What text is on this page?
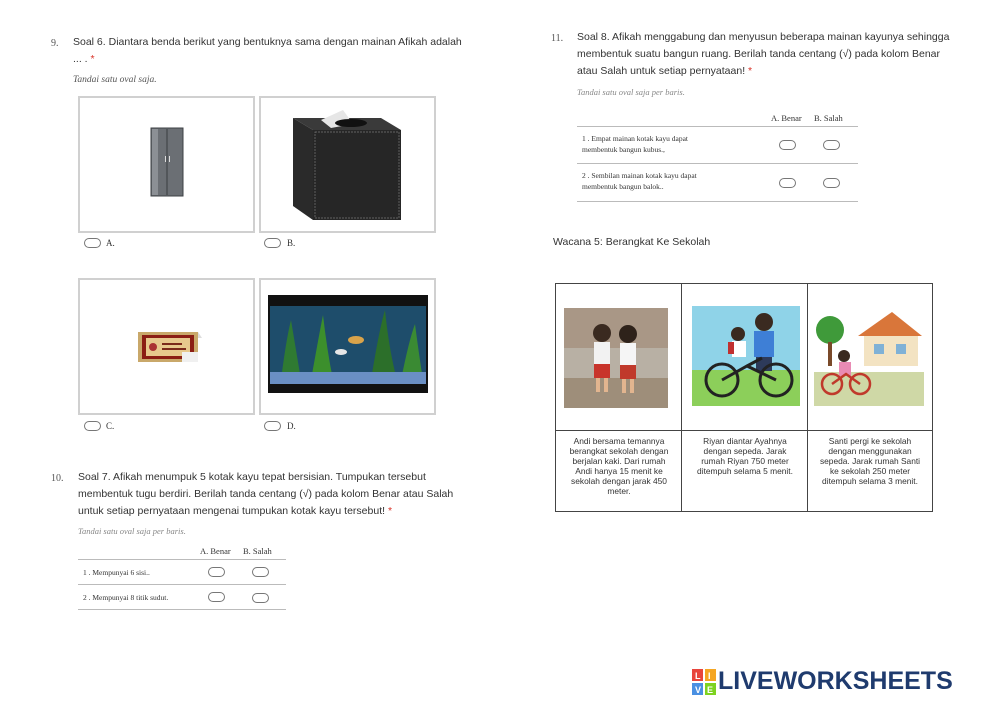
9. Soal 6. Diantara benda berikut yang bentuknya sama dengan mainan Afikah adalah
... . *
Tandai satu oval saja.
A.	B.
C.	D.
10. Soal 7. Afikah menumpuk 5 kotak kayu tepat bersisian. Tumpukan tersebut
membentuk tugu berdiri. Berilah tanda centang (√) pada kolom Benar atau Salah
untuk setiap pernyataan mengenai tumpukan kotak kayu tersebut! *
Tandai satu oval saja per baris.
A. Benar B. Salah
1 . Mempunyai 6 sisi..
2 . Mempunyai 8 titik sudut.
11. Soal 8. Afikah menggabung dan menyusun beberapa mainan kayunya sehingga
membentuk suatu bangun ruang. Berilah tanda centang (√) pada kolom Benar
atau Salah untuk setiap pernyataan! *
Tandai satu oval saja per baris.
A. Benar B. Salah
1 . Empat mainan kotak kayu dapat
membentuk bangun kubus.,
2 . Sembilan mainan kotak kayu dapat
membentuk bangun balok..
Wacana 5: Berangkat Ke Sekolah
Andi bersama temannya
berangkat sekolah dengan
berjalan kaki. Dari rumah
Andi hanya 15 menit ke
sekolah dengan jarak 450
meter.
Riyan diantar Ayahnya
dengan sepeda. Jarak
rumah Riyan 750 meter
ditempuh selama 5 menit.
Santi pergi ke sekolah
dengan menggunakan
sepeda. Jarak rumah Santi
ke sekolah 250 meter
ditempuh selama 3 menit.
L I
V E LIVEWORKSHEETS
